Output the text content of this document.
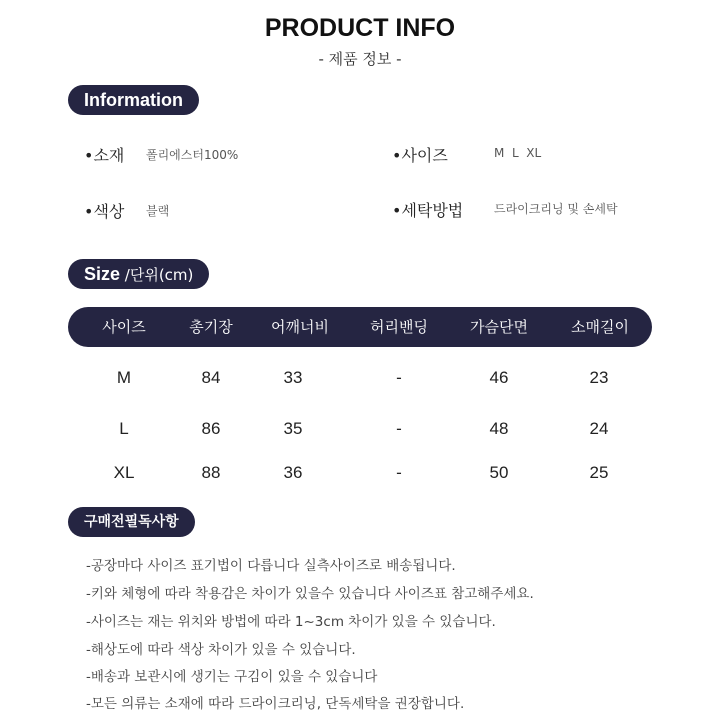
PRODUCT INFO
- 제품 정보 -
Information
•소재 폴리에스터100%	•사이즈	M  L  XL
•색상 블랙	•세탁방법	드라이크리닝 및 손세탁
Size /단위(cm)
사이즈	총기장	어깨너비	허리밴딩	가슴단면	소매길이
M	84	33	-	46	23
L	86	35	-	48	24
XL	88	36	-	50	25
구매전필독사항
-공장마다 사이즈 표기법이 다릅니다 실측사이즈로 배송됩니다.
-키와 체형에 따라 착용감은 차이가 있을수 있습니다 사이즈표 참고해주세요.
-사이즈는 재는 위치와 방법에 따라 1~3cm 차이가 있을 수 있습니다.
-해상도에 따라 색상 차이가 있을 수 있습니다.
-배송과 보관시에 생기는 구김이 있을 수 있습니다
-모든 의류는 소재에 따라 드라이크리닝, 단독세탁을 권장합니다.
